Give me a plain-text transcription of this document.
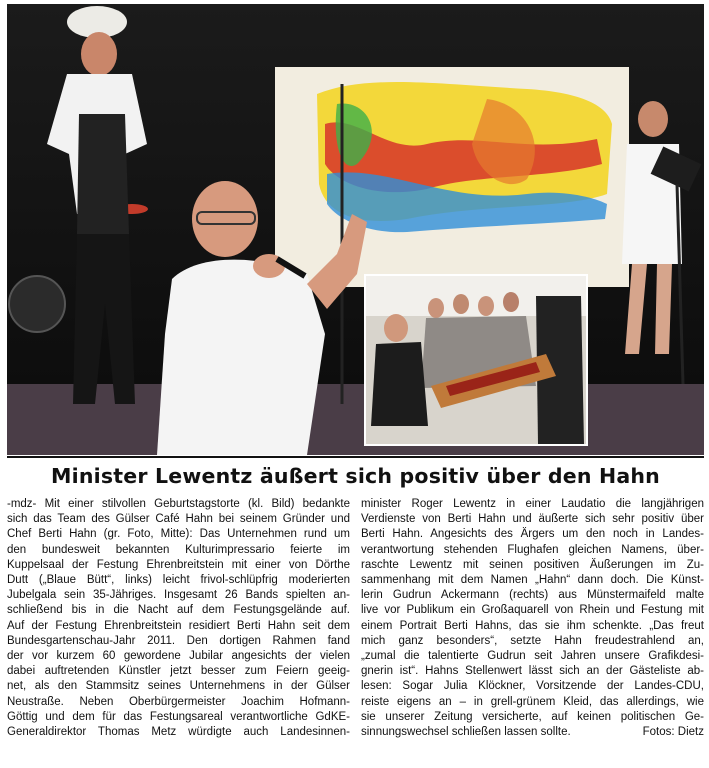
Minister Lewentz äußert sich positiv über den Hahn
-mdz- Mit einer stilvollen Geburtstagstorte (kl. Bild) bedankte
sich das Team des Gülser Café Hahn bei seinem Gründer und
Chef Berti Hahn (gr. Foto, Mitte): Das Unternehmen rund um
den bundesweit bekannten Kulturimpressario feierte im
Kuppelsaal der Festung Ehrenbreitstein mit einer von Dörthe
Dutt („Blaue Bütt“, links) leicht frivol-schlüpfrig moderierten
Jubelgala sein 35-Jähriges. Insgesamt 26 Bands spielten an-
schließend bis in die Nacht auf dem Festungsgelände auf.
Auf der Festung Ehrenbreitstein residiert Berti Hahn seit dem
Bundesgartenschau-Jahr 2011. Den dortigen Rahmen fand
der vor kurzem 60 gewordene Jubilar angesichts der vielen
dabei auftretenden Künstler jetzt besser zum Feiern geeig-
net, als den Stammsitz seines Unternehmens in der Gülser
Neustraße. Neben Oberbürgermeister Joachim Hofmann-
Göttig und dem für das Festungsareal verantwortliche GdKE-
Generaldirektor Thomas Metz würdigte auch Landesinnen-
minister Roger Lewentz in einer Laudatio die langjährigen
Verdienste von Berti Hahn und äußerte sich sehr positiv über
Berti Hahn. Angesichts des Ärgers um den noch in Landes-
verantwortung stehenden Flughafen gleichen Namens, über-
raschte Lewentz mit seinen positiven Äußerungen im Zu-
sammenhang mit dem Namen „Hahn“ dann doch. Die Künst-
lerin Gudrun Ackermann (rechts) aus Münstermaifeld malte
live vor Publikum ein Großaquarell von Rhein und Festung mit
einem Portrait Berti Hahns, das sie ihm schenkte. „Das freut
mich ganz besonders“, setzte Hahn freudestrahlend an,
„zumal die talentierte Gudrun seit Jahren unsere Grafikdesi-
gnerin ist“. Hahns Stellenwert lässt sich an der Gästeliste ab-
lesen: Sogar Julia Klöckner, Vorsitzende der Landes-CDU,
reiste eigens an – in grell-grünem Kleid, das allerdings, wie
sie unserer Zeitung versicherte, auf keinen politischen Ge-
sinnungswechsel schließen lassen sollte.	Fotos: Dietz
